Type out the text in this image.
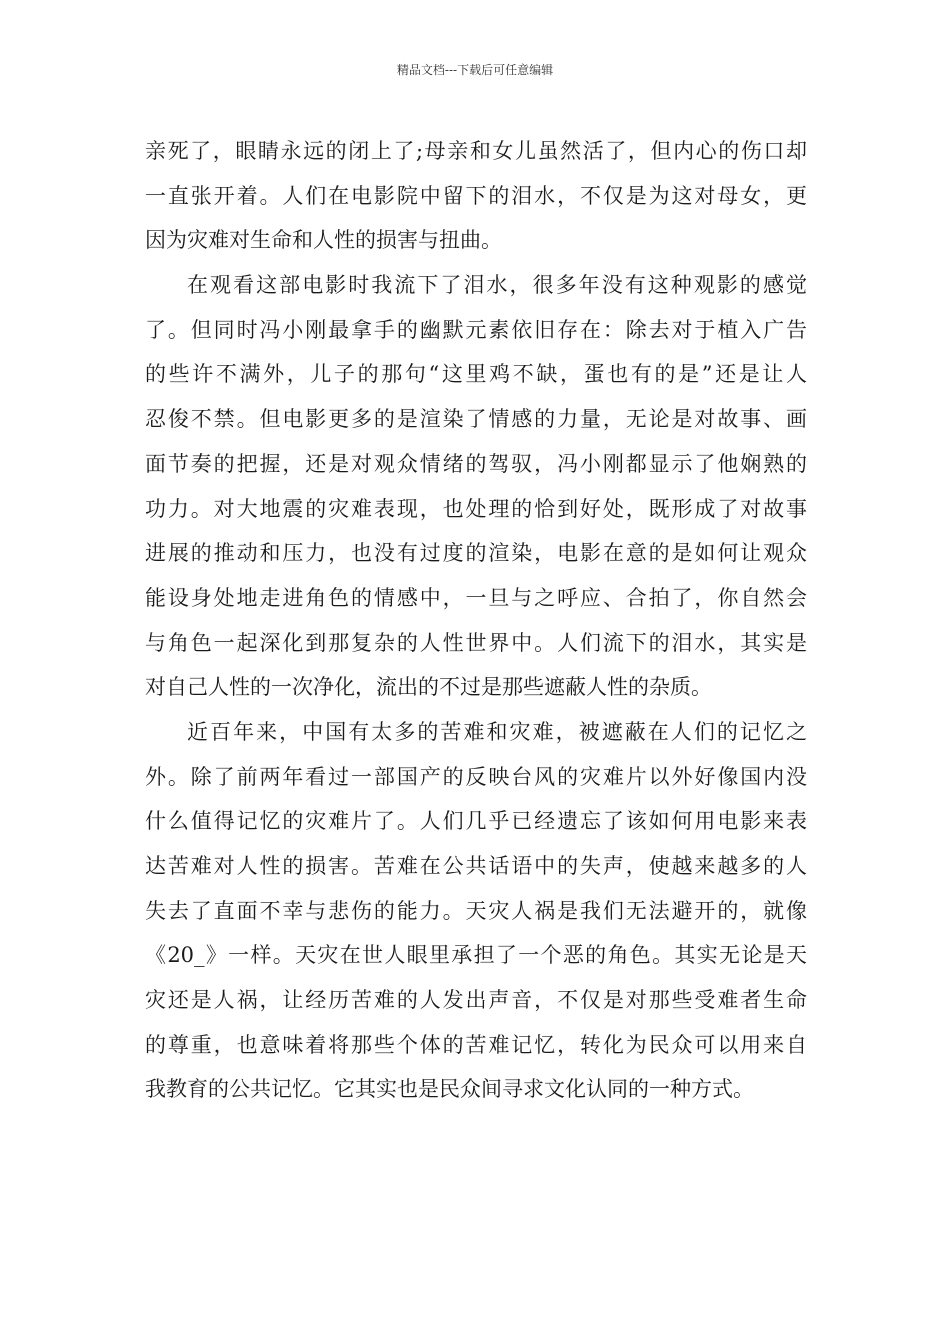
精品文档---下载后可任意编辑
亲死了，眼睛永远的闭上了;母亲和女儿虽然活了，但内心的伤口却
一直张开着。人们在电影院中留下的泪水，不仅是为这对母女，更
因为灾难对生命和人性的损害与扭曲。
在观看这部电影时我流下了泪水，很多年没有这种观影的感觉
了。但同时冯小刚最拿手的幽默元素依旧存在：除去对于植入广告
的些许不满外，儿子的那句“这里鸡不缺，蛋也有的是”还是让人
忍俊不禁。但电影更多的是渲染了情感的力量，无论是对故事、画
面节奏的把握，还是对观众情绪的驾驭，冯小刚都显示了他娴熟的
功力。对大地震的灾难表现，也处理的恰到好处，既形成了对故事
进展的推动和压力，也没有过度的渲染，电影在意的是如何让观众
能设身处地走进角色的情感中，一旦与之呼应、合拍了，你自然会
与角色一起深化到那复杂的人性世界中。人们流下的泪水，其实是
对自己人性的一次净化，流出的不过是那些遮蔽人性的杂质。
近百年来，中国有太多的苦难和灾难，被遮蔽在人们的记忆之
外。除了前两年看过一部国产的反映台风的灾难片以外好像国内没
什么值得记忆的灾难片了。人们几乎已经遗忘了该如何用电影来表
达苦难对人性的损害。苦难在公共话语中的失声，使越来越多的人
失去了直面不幸与悲伤的能力。天灾人祸是我们无法避开的，就像
《20_》一样。天灾在世人眼里承担了一个恶的角色。其实无论是天
灾还是人祸，让经历苦难的人发出声音，不仅是对那些受难者生命
的尊重，也意味着将那些个体的苦难记忆，转化为民众可以用来自
我教育的公共记忆。它其实也是民众间寻求文化认同的一种方式。
